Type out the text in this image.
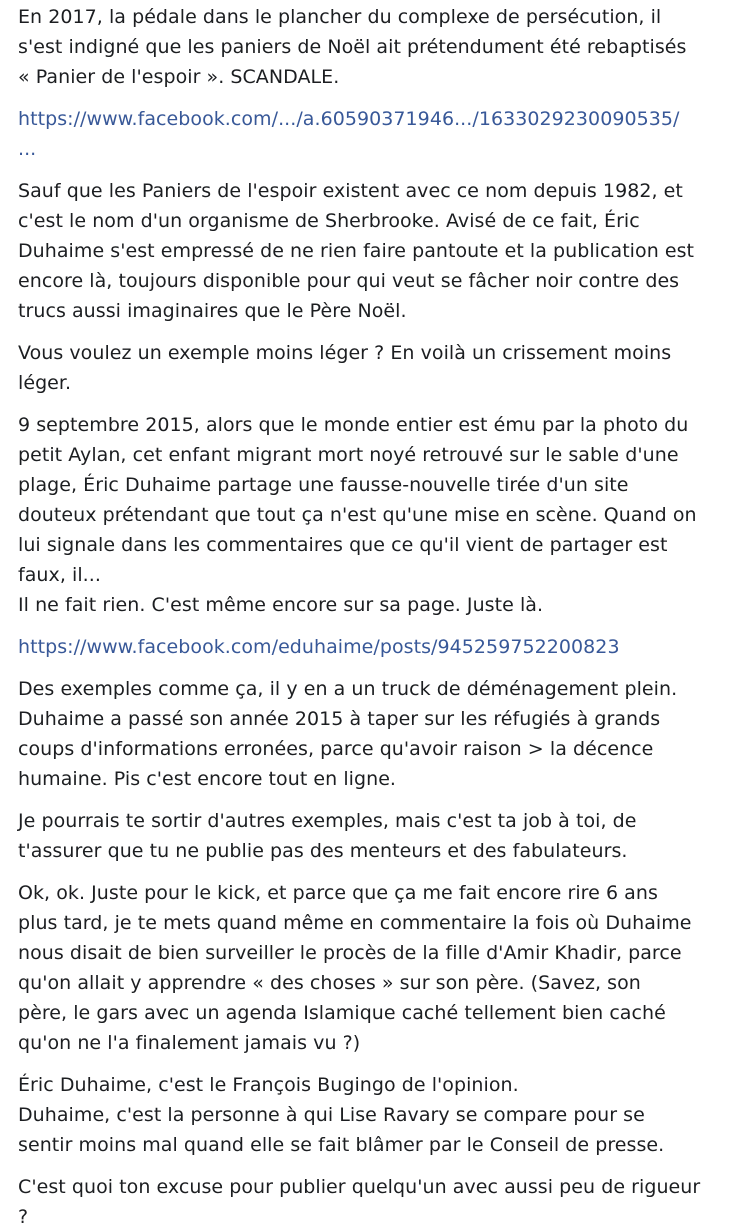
En 2017, la pédale dans le plancher du complexe de persécution, il
s'est indigné que les paniers de Noël ait prétendument été rebaptisés
« Panier de l'espoir ». SCANDALE.

https://www.facebook.com/.../a.60590371946.../1633029230090535/
...

Sauf que les Paniers de l'espoir existent avec ce nom depuis 1982, et
c'est le nom d'un organisme de Sherbrooke. Avisé de ce fait, Éric
Duhaime s'est empressé de ne rien faire pantoute et la publication est
encore là, toujours disponible pour qui veut se fâcher noir contre des
trucs aussi imaginaires que le Père Noël.

Vous voulez un exemple moins léger ? En voilà un crissement moins
léger.

9 septembre 2015, alors que le monde entier est ému par la photo du
petit Aylan, cet enfant migrant mort noyé retrouvé sur le sable d'une
plage, Éric Duhaime partage une fausse-nouvelle tirée d'un site
douteux prétendant que tout ça n'est qu'une mise en scène. Quand on
lui signale dans les commentaires que ce qu'il vient de partager est
faux, il...
Il ne fait rien. C'est même encore sur sa page. Juste là.

https://www.facebook.com/eduhaime/posts/945259752200823

Des exemples comme ça, il y en a un truck de déménagement plein.
Duhaime a passé son année 2015 à taper sur les réfugiés à grands
coups d'informations erronées, parce qu'avoir raison > la décence
humaine. Pis c'est encore tout en ligne.

Je pourrais te sortir d'autres exemples, mais c'est ta job à toi, de
t'assurer que tu ne publie pas des menteurs et des fabulateurs.

Ok, ok. Juste pour le kick, et parce que ça me fait encore rire 6 ans
plus tard, je te mets quand même en commentaire la fois où Duhaime
nous disait de bien surveiller le procès de la fille d'Amir Khadir, parce
qu'on allait y apprendre « des choses » sur son père. (Savez, son
père, le gars avec un agenda Islamique caché tellement bien caché
qu'on ne l'a finalement jamais vu ?)

Éric Duhaime, c'est le François Bugingo de l'opinion.
Duhaime, c'est la personne à qui Lise Ravary se compare pour se
sentir moins mal quand elle se fait blâmer par le Conseil de presse.

C'est quoi ton excuse pour publier quelqu'un avec aussi peu de rigueur
?
